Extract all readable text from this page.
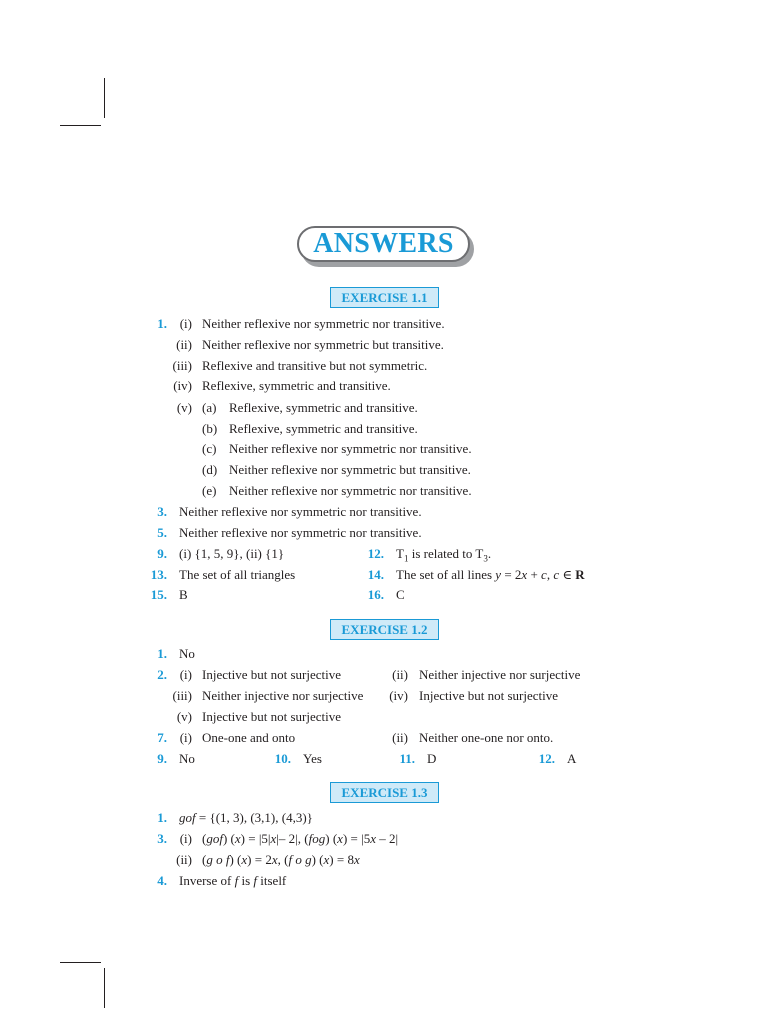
ANSWERS
EXERCISE 1.1
1. (i) Neither reflexive nor symmetric nor transitive.
(ii) Neither reflexive nor symmetric but transitive.
(iii) Reflexive and transitive but not symmetric.
(iv) Reflexive, symmetric and transitive.
(v) (a) Reflexive, symmetric and transitive.
(b) Reflexive, symmetric and transitive.
(c) Neither reflexive nor symmetric nor transitive.
(d) Neither reflexive nor symmetric but transitive.
(e) Neither reflexive nor symmetric nor transitive.
3. Neither reflexive nor symmetric nor transitive.
5. Neither reflexive nor symmetric nor transitive.
9. (i) {1, 5, 9}, (ii) {1}	12. $T_1$ is related to $T_3$.
13. The set of all triangles	14. The set of all lines y = 2x + c, c ∈ R
15. B	16. C
EXERCISE 1.2
1. No
2. (i) Injective but not surjective	(ii) Neither injective nor surjective
(iii) Neither injective nor surjective (iv) Injective but not surjective
(v) Injective but not surjective
7. (i) One-one and onto	(ii) Neither one-one nor onto.
9. No	10. Yes	11. D	12. A
EXERCISE 1.3
1. gof = {(1, 3), (3,1), (4,3)}
3. (i) (gof) (x) = |5|x|– 2|, (fog) (x) = |5x – 2|
(ii) (g o f) (x) = 2x, (f o g) (x) = 8x
4. Inverse of f is f itself
